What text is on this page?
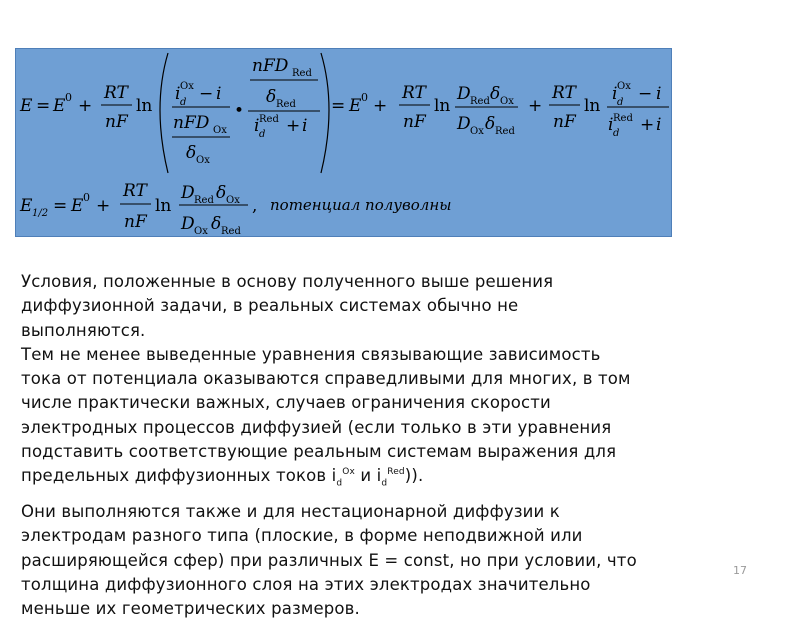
E = E 0 +
RT
nF
ln
i d
Ox − i
nFD Ox
δ Ox
•
nFD Red
δ Red
i d
Red + i
= E 0 +
RT
nF
ln
D Red δ Ox
D Ox δ Red
+
RT
nF
ln
i d
Ox − i
i d
Red + i
E 1/2 = E 0 +
RT
nF
ln
D Red δ Ox
D Ox δ Red
, потенциал полуволны

Условия, положенные в основу полученного выше решения
диффузионной задачи, в реальных системах обычно не
выполняются.

Тем не менее выведенные уравнения связывающие зависимость
тока от потенциала оказываются справедливыми для многих, в том
числе практически важных, случаев ограничения скорости
электродных процессов диффузией (если только в эти уравнения
подставить соответствующие реальным системам выражения для
предельных диффузионных токов $i_d^{Ox}$ и $i_d^{Red}$)).

Они выполняются также и для нестационарной диффузии к
электродам разного типа (плоские, в форме неподвижной или
расширяющейся сфер) при различных E = const, но при условии, что
толщина диффузионного слоя на этих электродах значительно
меньше их геометрических размеров.

17
